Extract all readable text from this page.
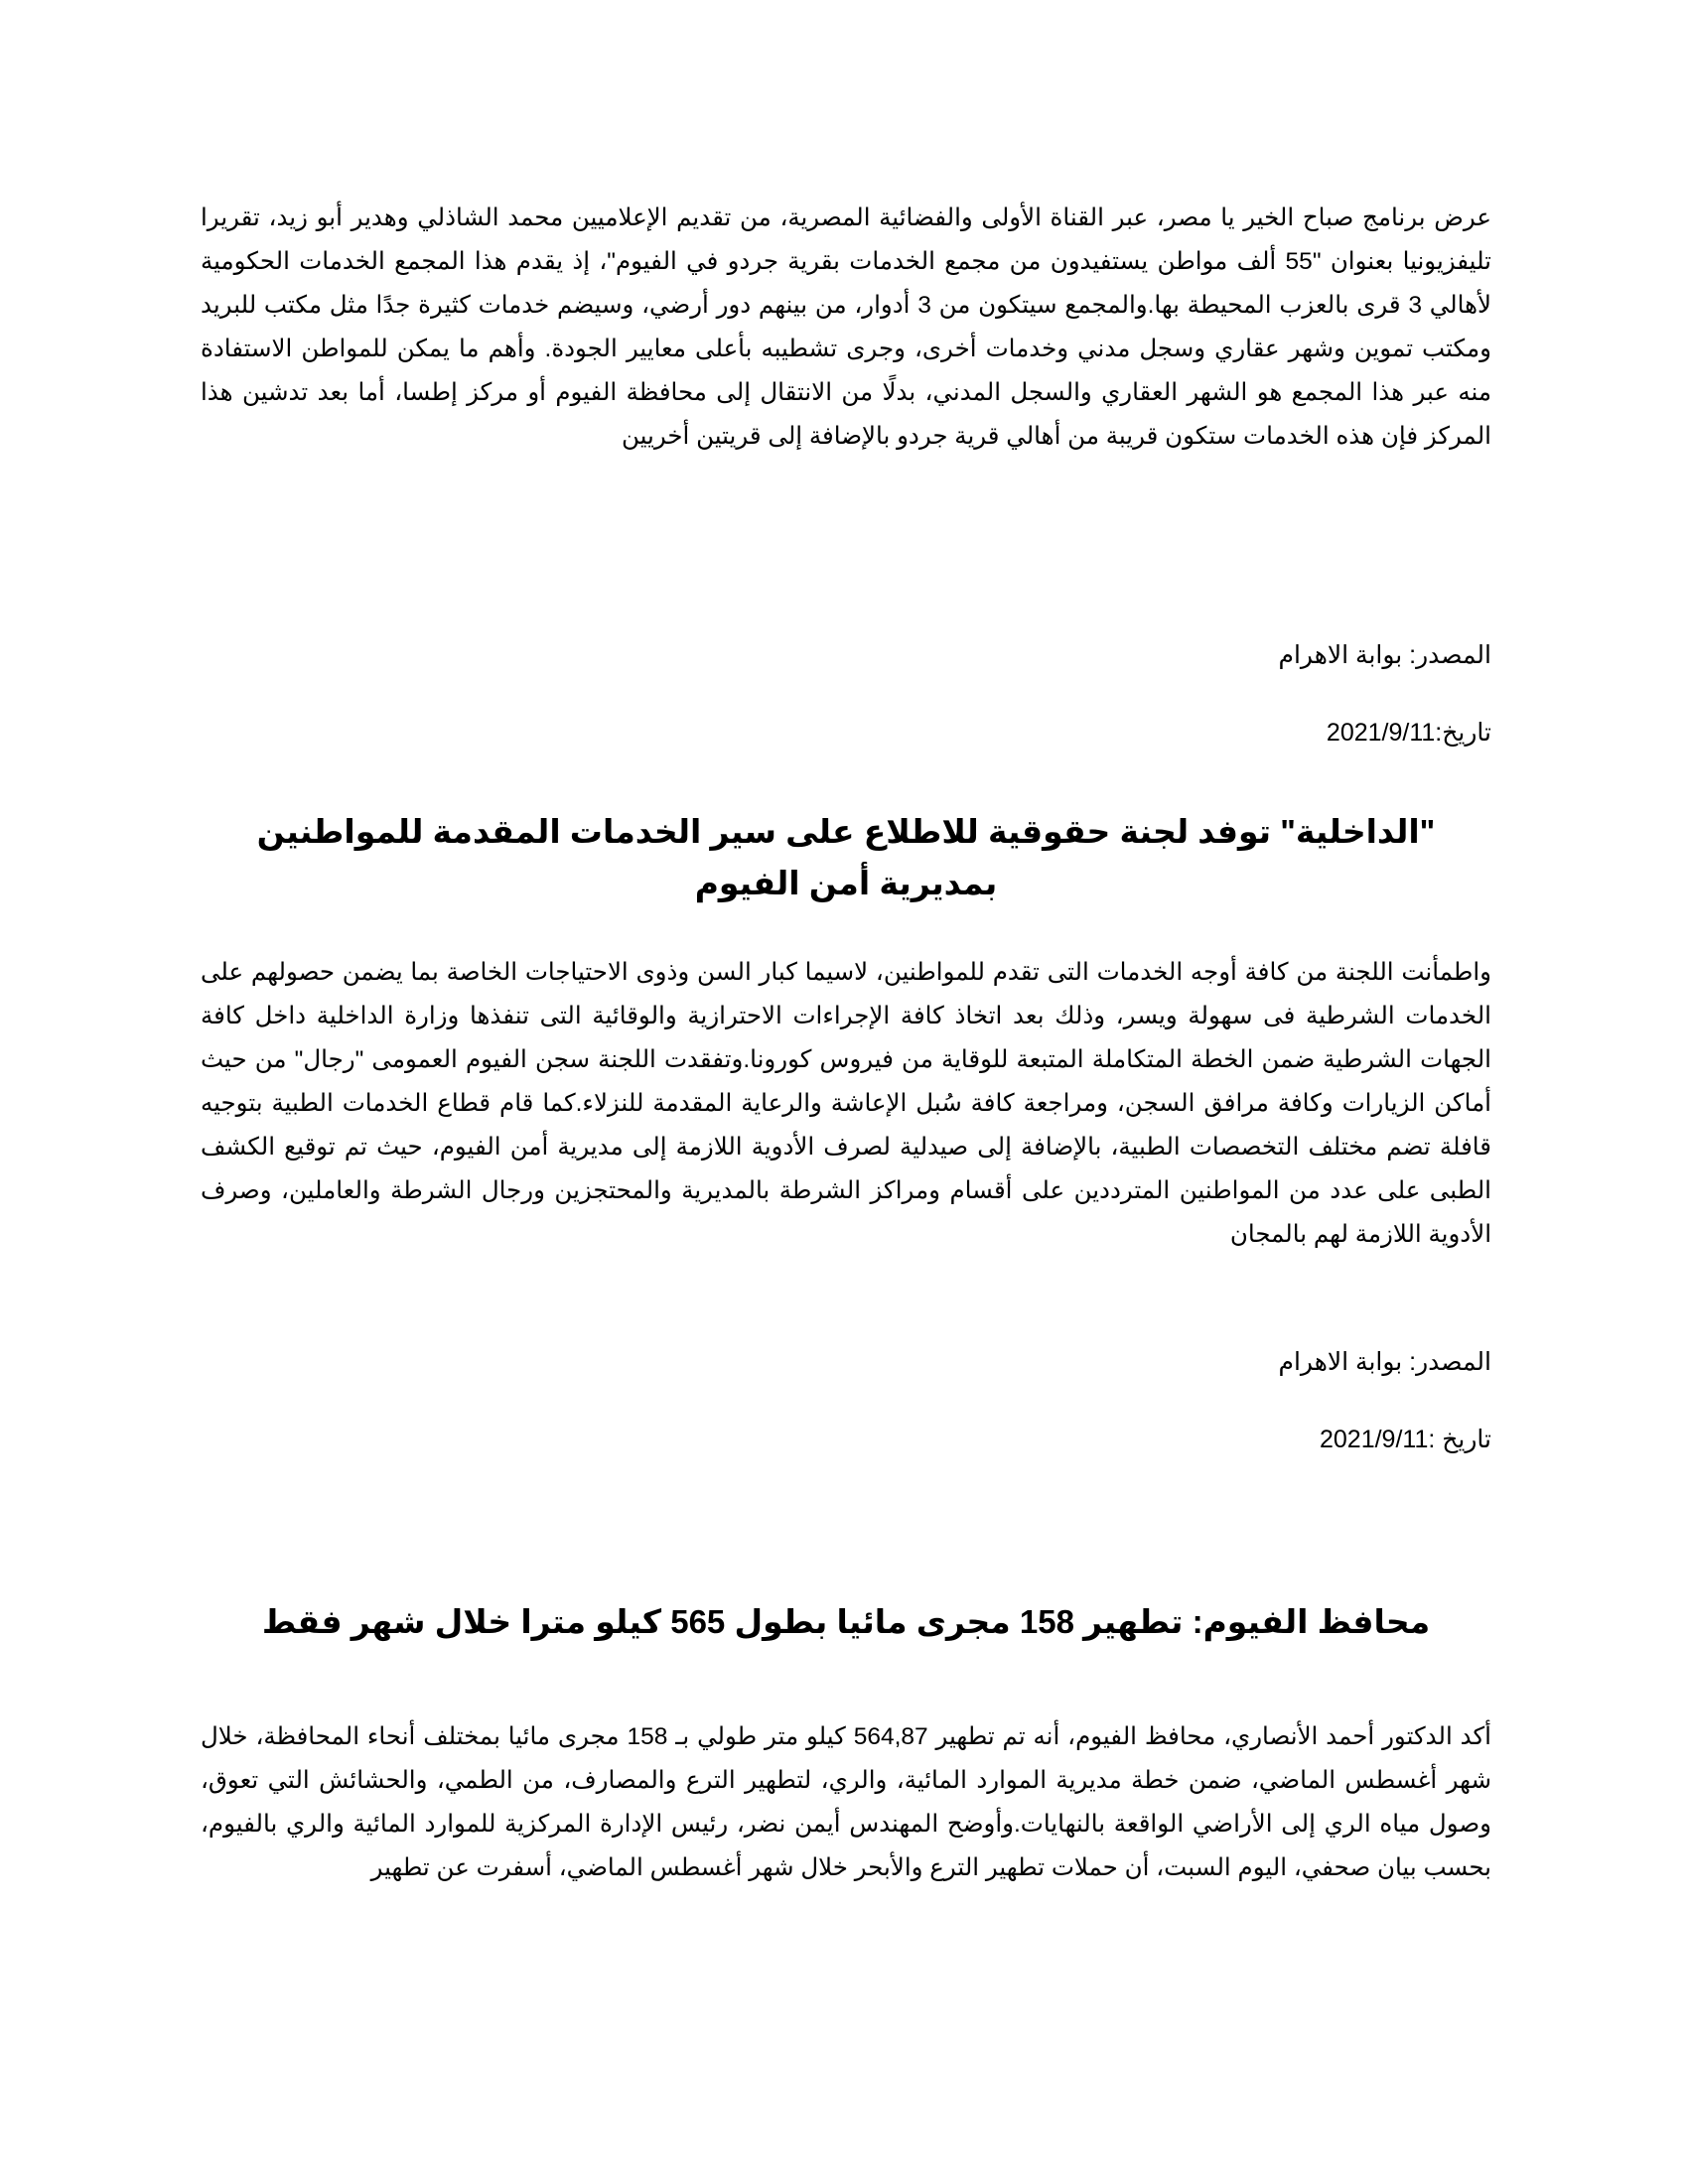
عرض برنامج صباح الخير يا مصر، عبر القناة الأولى والفضائية المصرية، من تقديم الإعلاميين محمد الشاذلي وهدير أبو زيد، تقريرا تليفزيونيا بعنوان "55 ألف مواطن يستفيدون من مجمع الخدمات بقرية جردو في الفيوم"، إذ يقدم هذا المجمع الخدمات الحكومية لأهالي 3 قرى بالعزب المحيطة بها.والمجمع سيتكون من 3 أدوار، من بينهم دور أرضي، وسيضم خدمات كثيرة جدًا مثل مكتب للبريد ومكتب تموين وشهر عقاري وسجل مدني وخدمات أخرى، وجرى تشطيبه بأعلى معايير الجودة. وأهم ما يمكن للمواطن الاستفادة منه عبر هذا المجمع هو الشهر العقاري والسجل المدني، بدلًا من الانتقال إلى محافظة الفيوم أو مركز إطسا، أما بعد تدشين هذا المركز فإن هذه الخدمات ستكون قريبة من أهالي قرية جردو بالإضافة إلى قريتين أخريين

المصدر: بوابة الاهرام

تاريخ:2021/9/11

"الداخلية" توفد لجنة حقوقية للاطلاع على سير الخدمات المقدمة للمواطنين بمديرية أمن الفيوم

واطمأنت اللجنة من كافة أوجه الخدمات التى تقدم للمواطنين، لاسيما كبار السن وذوى الاحتياجات الخاصة بما يضمن حصولهم على الخدمات الشرطية فى سهولة ويسر، وذلك بعد اتخاذ كافة الإجراءات الاحترازية والوقائية التى تنفذها وزارة الداخلية داخل كافة الجهات الشرطية ضمن الخطة المتكاملة المتبعة للوقاية من فيروس كورونا.وتفقدت اللجنة سجن الفيوم العمومى "رجال" من حيث أماكن الزيارات وكافة مرافق السجن، ومراجعة كافة سُبل الإعاشة والرعاية المقدمة للنزلاء.كما قام قطاع الخدمات الطبية بتوجيه قافلة تضم مختلف التخصصات الطبية، بالإضافة إلى صيدلية لصرف الأدوية اللازمة إلى مديرية أمن الفيوم، حيث تم توقيع الكشف الطبى على عدد من المواطنين المترددين على أقسام ومراكز الشرطة بالمديرية والمحتجزين ورجال الشرطة والعاملين، وصرف الأدوية اللازمة لهم بالمجان

المصدر: بوابة الاهرام

تاريخ :2021/9/11

محافظ الفيوم: تطهير 158 مجرى مائيا بطول 565 كيلو مترا خلال شهر فقط

أكد الدكتور أحمد الأنصاري، محافظ الفيوم، أنه تم تطهير 564,87 كيلو متر طولي بـ 158 مجرى مائيا بمختلف أنحاء المحافظة، خلال شهر أغسطس الماضي، ضمن خطة مديرية الموارد المائية، والري، لتطهير الترع والمصارف، من الطمي، والحشائش التي تعوق، وصول مياه الري إلى الأراضي الواقعة بالنهايات.وأوضح المهندس أيمن نضر، رئيس الإدارة المركزية للموارد المائية والري بالفيوم، بحسب بيان صحفي، اليوم السبت، أن حملات تطهير الترع والأبحر خلال شهر أغسطس الماضي، أسفرت عن تطهير
